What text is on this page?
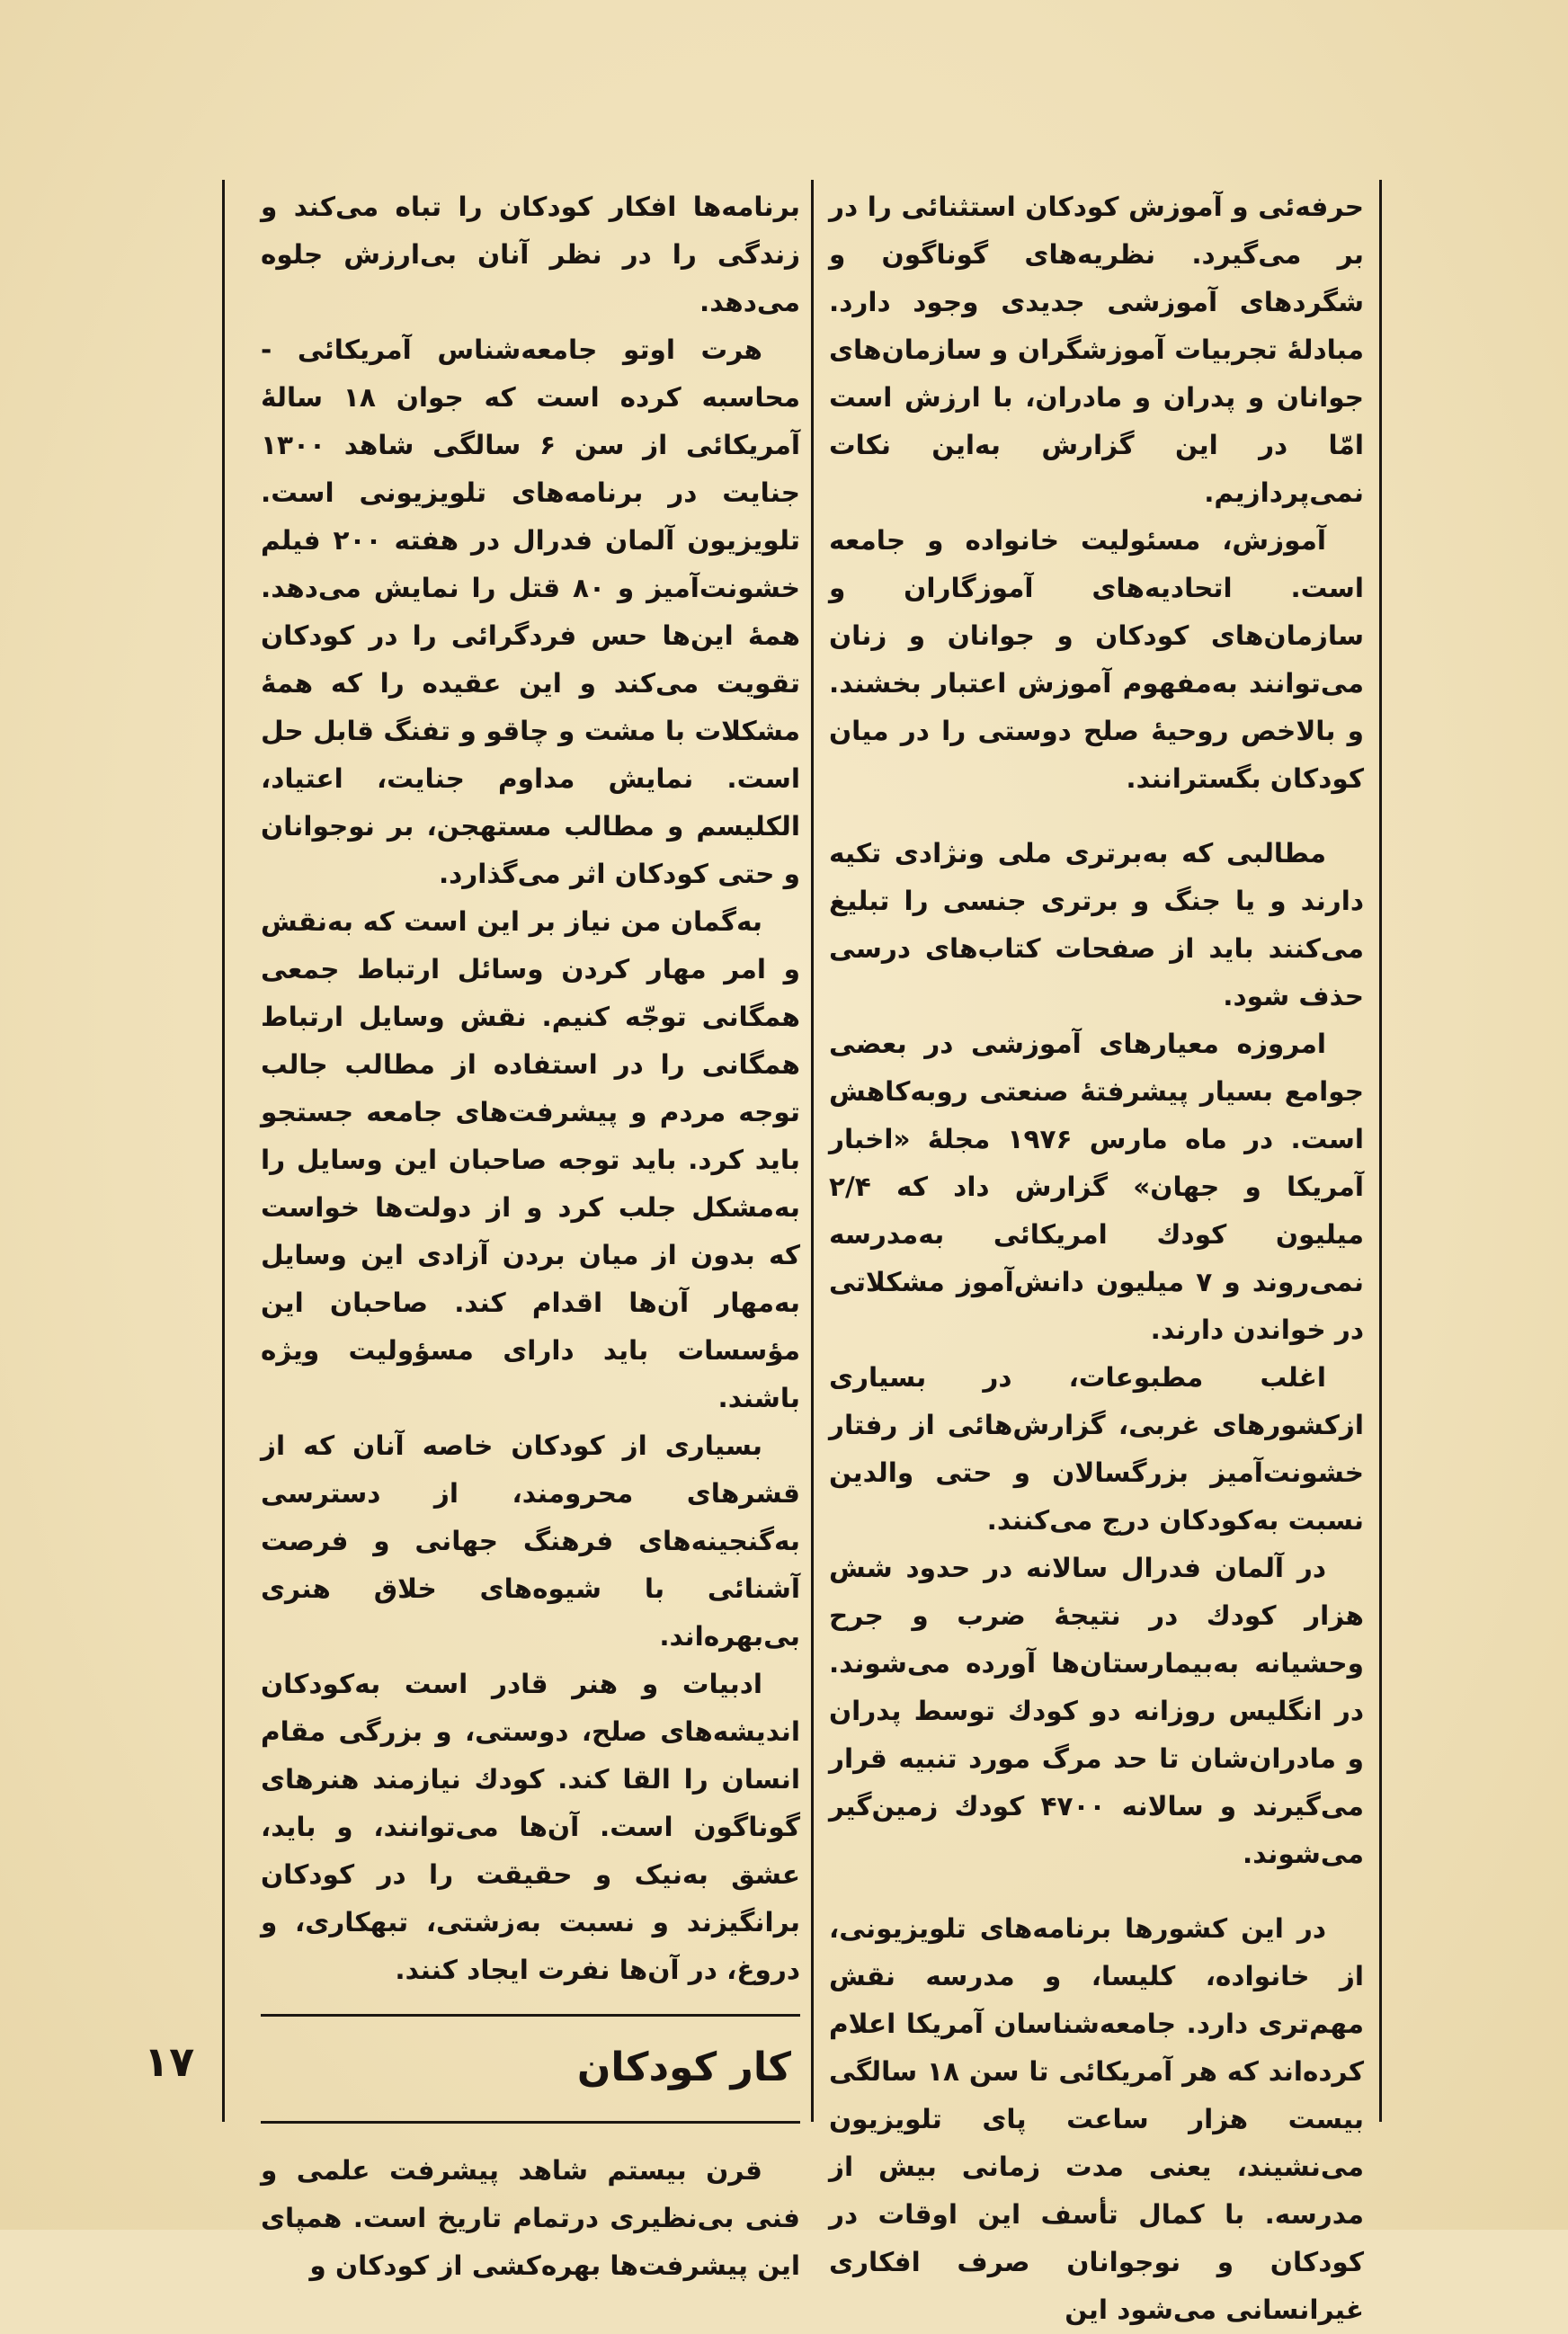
حرفه‌ئی و آموزش کودکان استثنائی را در بر می‌گیرد. نظریه‌های گوناگون و شگردهای آموزشی جدیدی وجود دارد. مبادلهٔ تجربیات آموزشگران و سازمان‌های جوانان و پدران و مادران، با ارزش است امّا در این گزارش به‌این نکات نمی‌پردازیم.

آموزش، مسئولیت خانواده و جامعه است. اتحادیه‌های آموزگاران و سازمان‌های کودکان و جوانان و زنان می‌توانند به‌مفهوم آموزش اعتبار بخشند. و بالاخص روحیهٔ صلح دوستی را در میان کودکان بگسترانند.

مطالبی که به‌برتری ملی ونژادی تکیه دارند و یا جنگ و برتری جنسی را تبلیغ می‌کنند باید از صفحات کتاب‌های درسی حذف شود.

امروزه معیارهای آموزشی در بعضی جوامع بسیار پیشرفتهٔ صنعتی روبه‌کاهش است. در ماه مارس ۱۹۷۶ مجلهٔ «اخبار آمریکا و جهان» گزارش داد که ۲/۴ میلیون کودك امریکائی به‌مدرسه نمی‌روند و ۷ میلیون دانش‌آموز مشکلاتی در خواندن دارند.

اغلب مطبوعات، در بسیاری ازکشورهای غربی، گزارش‌هائی از رفتار خشونت‌آمیز بزرگسالان و حتی والدین نسبت به‌کودکان درج می‌کنند.

در آلمان فدرال سالانه در حدود شش هزار کودك در نتیجهٔ ضرب و جرح وحشیانه به‌بیمارستان‌ها آورده می‌شوند. در انگلیس روزانه دو کودك توسط پدران و مادران‌شان تا حد مرگ مورد تنبیه قرار می‌گیرند و سالانه ۴۷۰۰ کودك زمین‌گیر می‌شوند.

در این کشورها برنامه‌های تلویزیونی، از خانواده، کلیسا، و مدرسه نقش مهم‌تری دارد. جامعه‌شناسان آمریکا اعلام کرده‌اند که هر آمریکائی تا سن ۱۸ سالگی بیست هزار ساعت پای تلویزیون می‌نشیند، یعنی مدت زمانی بیش از مدرسه. با کمال تأسف این اوقات در کودکان و نوجوانان صرف افکاری غیرانسانی می‌شود این

برنامه‌ها افکار کودکان را تباه می‌کند و زندگی را در نظر آنان بی‌ارزش جلوه می‌دهد.

هرت اوتو جامعه‌شناس آمریکائی - محاسبه کرده است که جوان ۱۸ سالهٔ آمریکائی از سن ۶ سالگی شاهد ۱۳۰۰ جنایت در برنامه‌های تلویزیونی است. تلویزیون آلمان فدرال در هفته ۲۰۰ فیلم خشونت‌آمیز و ۸۰ قتل را نمایش می‌دهد. همهٔ این‌ها حس فردگرائی را در کودکان تقویت می‌کند و این عقیده را که همهٔ مشکلات با مشت و چاقو و تفنگ قابل حل است. نمایش مداوم جنایت، اعتیاد، الکلیسم و مطالب مستهجن، بر نوجوانان و حتی کودکان اثر می‌گذارد.

به‌گمان من نیاز بر این است که به‌نقش و امر مهار کردن وسائل ارتباط جمعی همگانی توجّه کنیم. نقش وسایل ارتباط همگانی را در استفاده از مطالب جالب توجه مردم و پیشرفت‌های جامعه جستجو باید کرد. باید توجه صاحبان این وسایل را به‌مشکل جلب کرد و از دولت‌ها خواست که بدون از میان بردن آزادی این وسایل به‌مهار آن‌ها اقدام کند. صاحبان این مؤسسات باید دارای مسؤولیت ویژه باشند.

بسیاری از کودکان خاصه آنان که از قشرهای محرومند، از دسترسی به‌گنجینه‌های فرهنگ جهانی و فرصت آشنائی با شیوه‌های خلاق هنری بی‌بهره‌اند.

ادبیات و هنر قادر است به‌کودکان اندیشه‌های صلح، دوستی، و بزرگی مقام انسان را القا کند. کودك نیازمند هنرهای گوناگون است. آن‌ها می‌توانند، و باید، عشق به‌نیک و حقیقت را در کودکان برانگیزند و نسبت به‌زشتی، تبهکاری، و دروغ، در آن‌ها نفرت ایجاد کنند.

کار کودکان

قرن بیستم شاهد پیشرفت علمی و فنی بی‌نظیری درتمام تاریخ است. همپای این پیشرفت‌ها بهره‌کشی از کودکان و

۱۷
